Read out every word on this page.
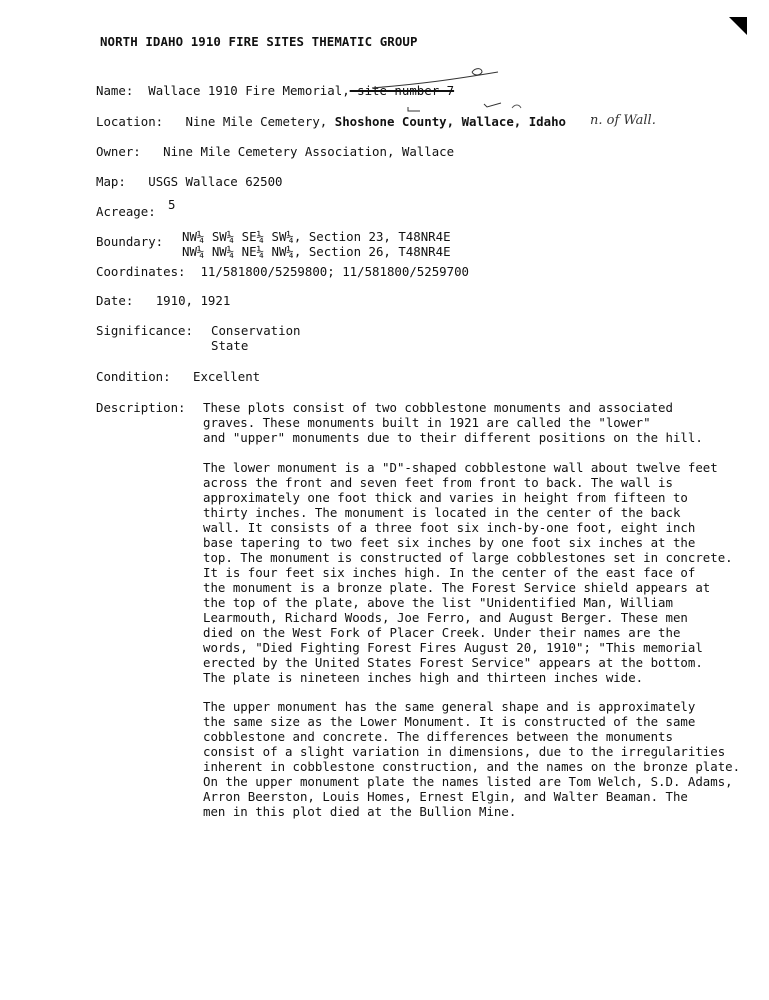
NORTH IDAHO 1910 FIRE SITES THEMATIC GROUP
Name: Wallace 1910 Fire Memorial, site number 7
Location: Nine Mile Cemetery, Shoshone County, Wallace, Idaho n. of Wall.
Owner: Nine Mile Cemetery Association, Wallace
Map: USGS Wallace 62500
Acreage: 5
Boundary: NW¼ SW¼ SE¼ SW¼, Section 23, T48NR4E
NW¼ NW¼ NE¼ NW¼, Section 26, T48NR4E
Coordinates: 11/581800/5259800; 11/581800/5259700
Date: 1910, 1921
Significance: Conservation
State
Condition: Excellent
Description: These plots consist of two cobblestone monuments and associated
graves. These monuments built in 1921 are called the "lower"
and "upper" monuments due to their different positions on the hill.

The lower monument is a "D"-shaped cobblestone wall about twelve feet
across the front and seven feet from front to back. The wall is
approximately one foot thick and varies in height from fifteen to
thirty inches. The monument is located in the center of the back
wall. It consists of a three foot six inch-by-one foot, eight inch
base tapering to two feet six inches by one foot six inches at the
top. The monument is constructed of large cobblestones set in concrete.
It is four feet six inches high. In the center of the east face of
the monument is a bronze plate. The Forest Service shield appears at
the top of the plate, above the list "Unidentified Man, William
Learmouth, Richard Woods, Joe Ferro, and August Berger. These men
died on the West Fork of Placer Creek. Under their names are the
words, "Died Fighting Forest Fires August 20, 1910"; "This memorial
erected by the United States Forest Service" appears at the bottom.
The plate is nineteen inches high and thirteen inches wide.

The upper monument has the same general shape and is approximately
the same size as the Lower Monument. It is constructed of the same
cobblestone and concrete. The differences between the monuments
consist of a slight variation in dimensions, due to the irregularities
inherent in cobblestone construction, and the names on the bronze plate.
On the upper monument plate the names listed are Tom Welch, S.D. Adams,
Arron Beerston, Louis Homes, Ernest Elgin, and Walter Beaman. The
men in this plot died at the Bullion Mine.
